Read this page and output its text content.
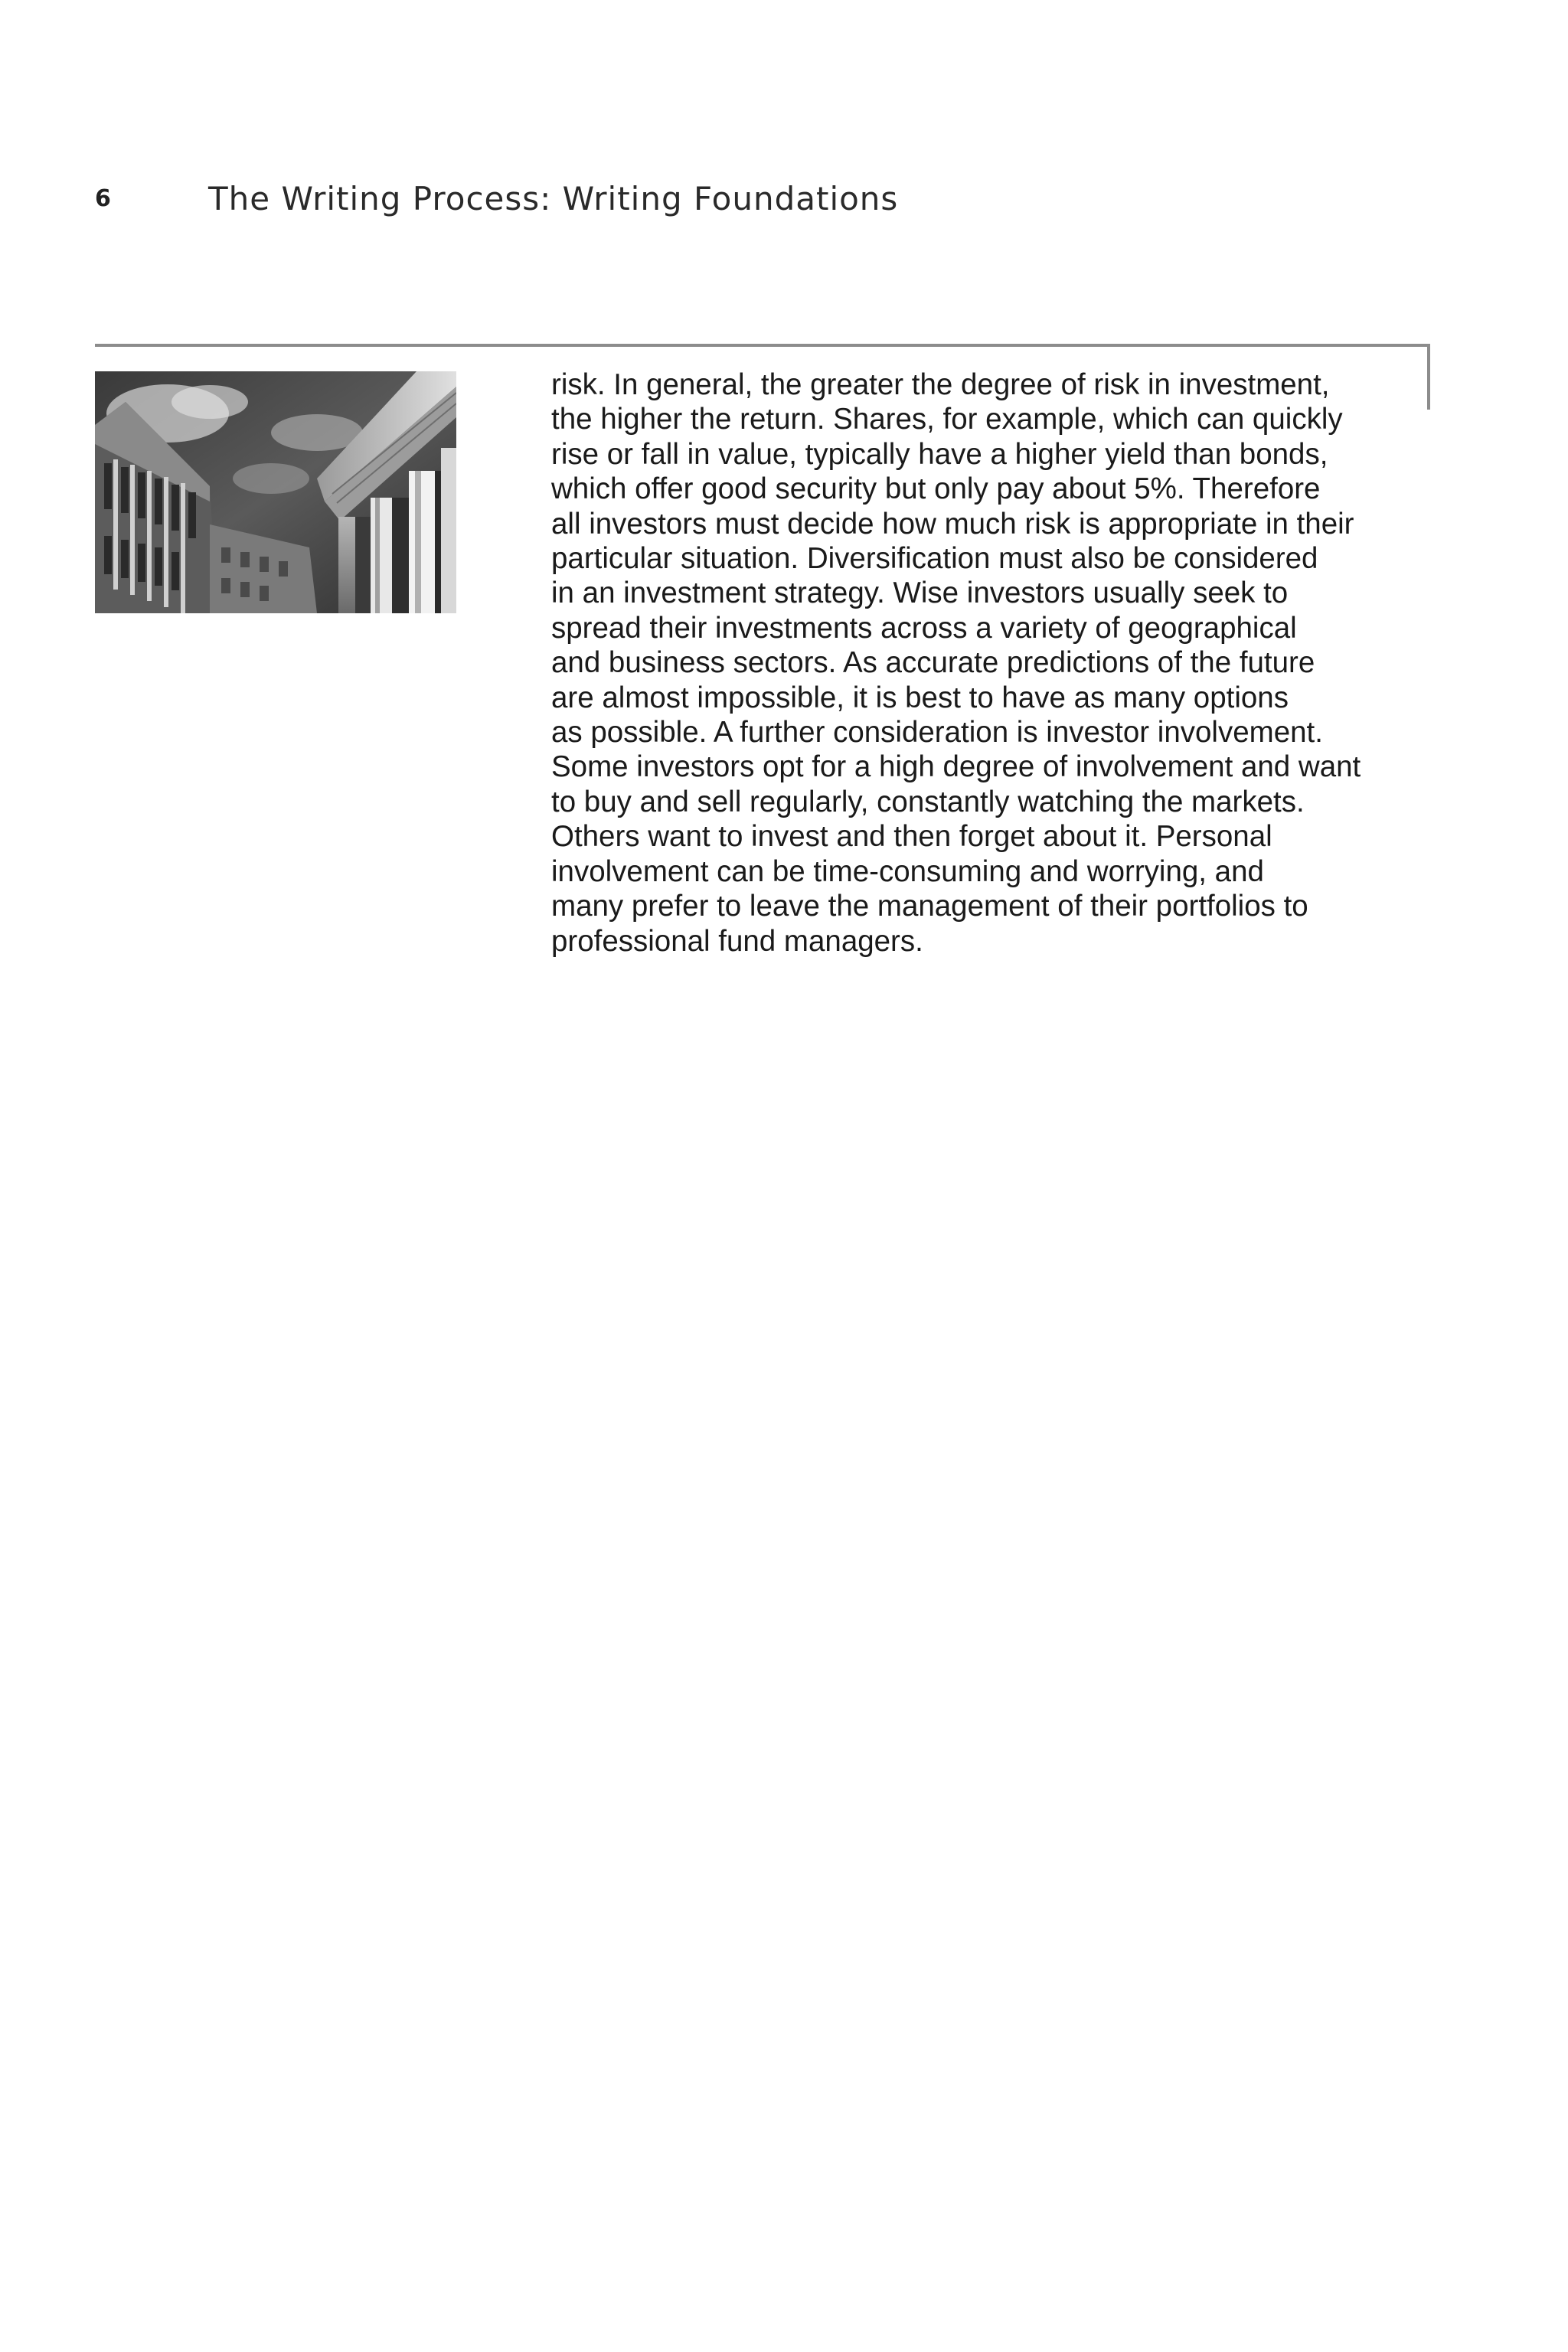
6	The Writing Process: Writing Foundations

risk. In general, the greater the degree of risk in investment,
the higher the return. Shares, for example, which can quickly
rise or fall in value, typically have a higher yield than bonds,
which offer good security but only pay about 5%. Therefore
all investors must decide how much risk is appropriate in their
particular situation. Diversification must also be considered
in an investment strategy. Wise investors usually seek to
spread their investments across a variety of geographical
and business sectors. As accurate predictions of the future
are almost impossible, it is best to have as many options
as possible. A further consideration is investor involvement.
Some investors opt for a high degree of involvement and want
to buy and sell regularly, constantly watching the markets.
Others want to invest and then forget about it. Personal
involvement can be time-consuming and worrying, and
many prefer to leave the management of their portfolios to
professional fund managers.
